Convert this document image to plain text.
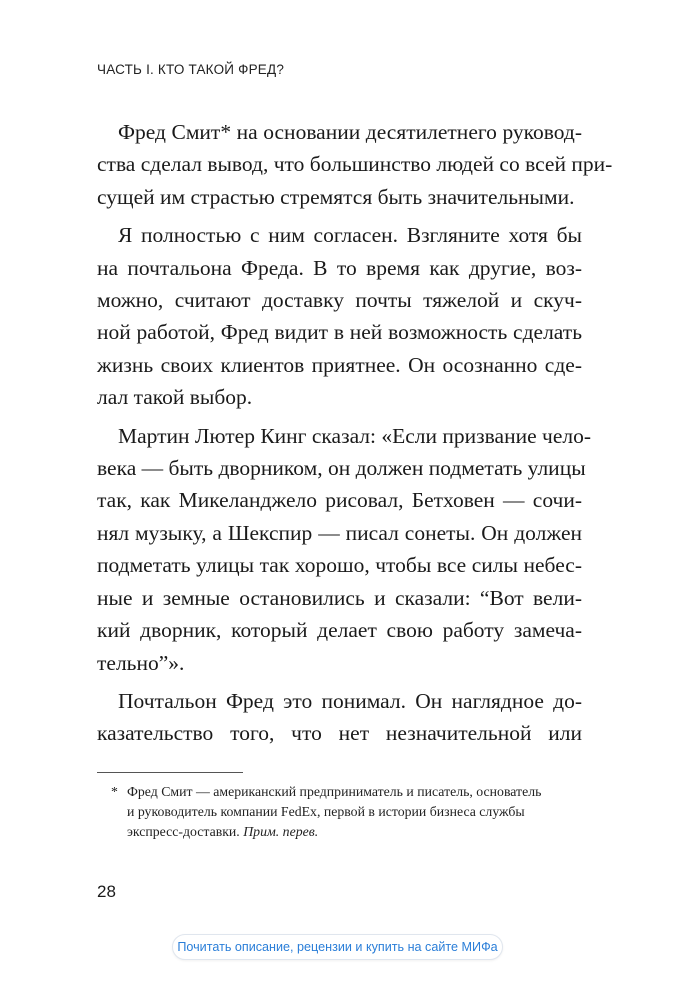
ЧАСТЬ I. КТО ТАКОЙ ФРЕД?

Фред Смит* на основании десятилетнего руковод-
ства сделал вывод, что большинство людей со всей при-
сущей им страстью стремятся быть значительными.

Я полностью с ним согласен. Взгляните хотя бы
на почтальона Фреда. В то время как другие, воз-
можно, считают доставку почты тяжелой и скуч-
ной работой, Фред видит в ней возможность сделать
жизнь своих клиентов приятнее. Он осознанно сде-
лал такой выбор.

Мартин Лютер Кинг сказал: «Если призвание чело-
века — быть дворником, он должен подметать улицы
так, как Микеланджело рисовал, Бетховен — сочи-
нял музыку, а Шекспир — писал сонеты. Он должен
подметать улицы так хорошо, чтобы все силы небес-
ные и земные остановились и сказали: “Вот вели-
кий дворник, который делает свою работу замеча-
тельно”».

Почтальон Фред это понимал. Он наглядное до-
казательство того, что нет незначительной или

* Фред Смит — американский предприниматель и писатель, основатель
и руководитель компании FedEx, первой в истории бизнеса службы
экспресс-доставки. Прим. перев.
28
Почитать описание, рецензии и купить на сайте МИФа
